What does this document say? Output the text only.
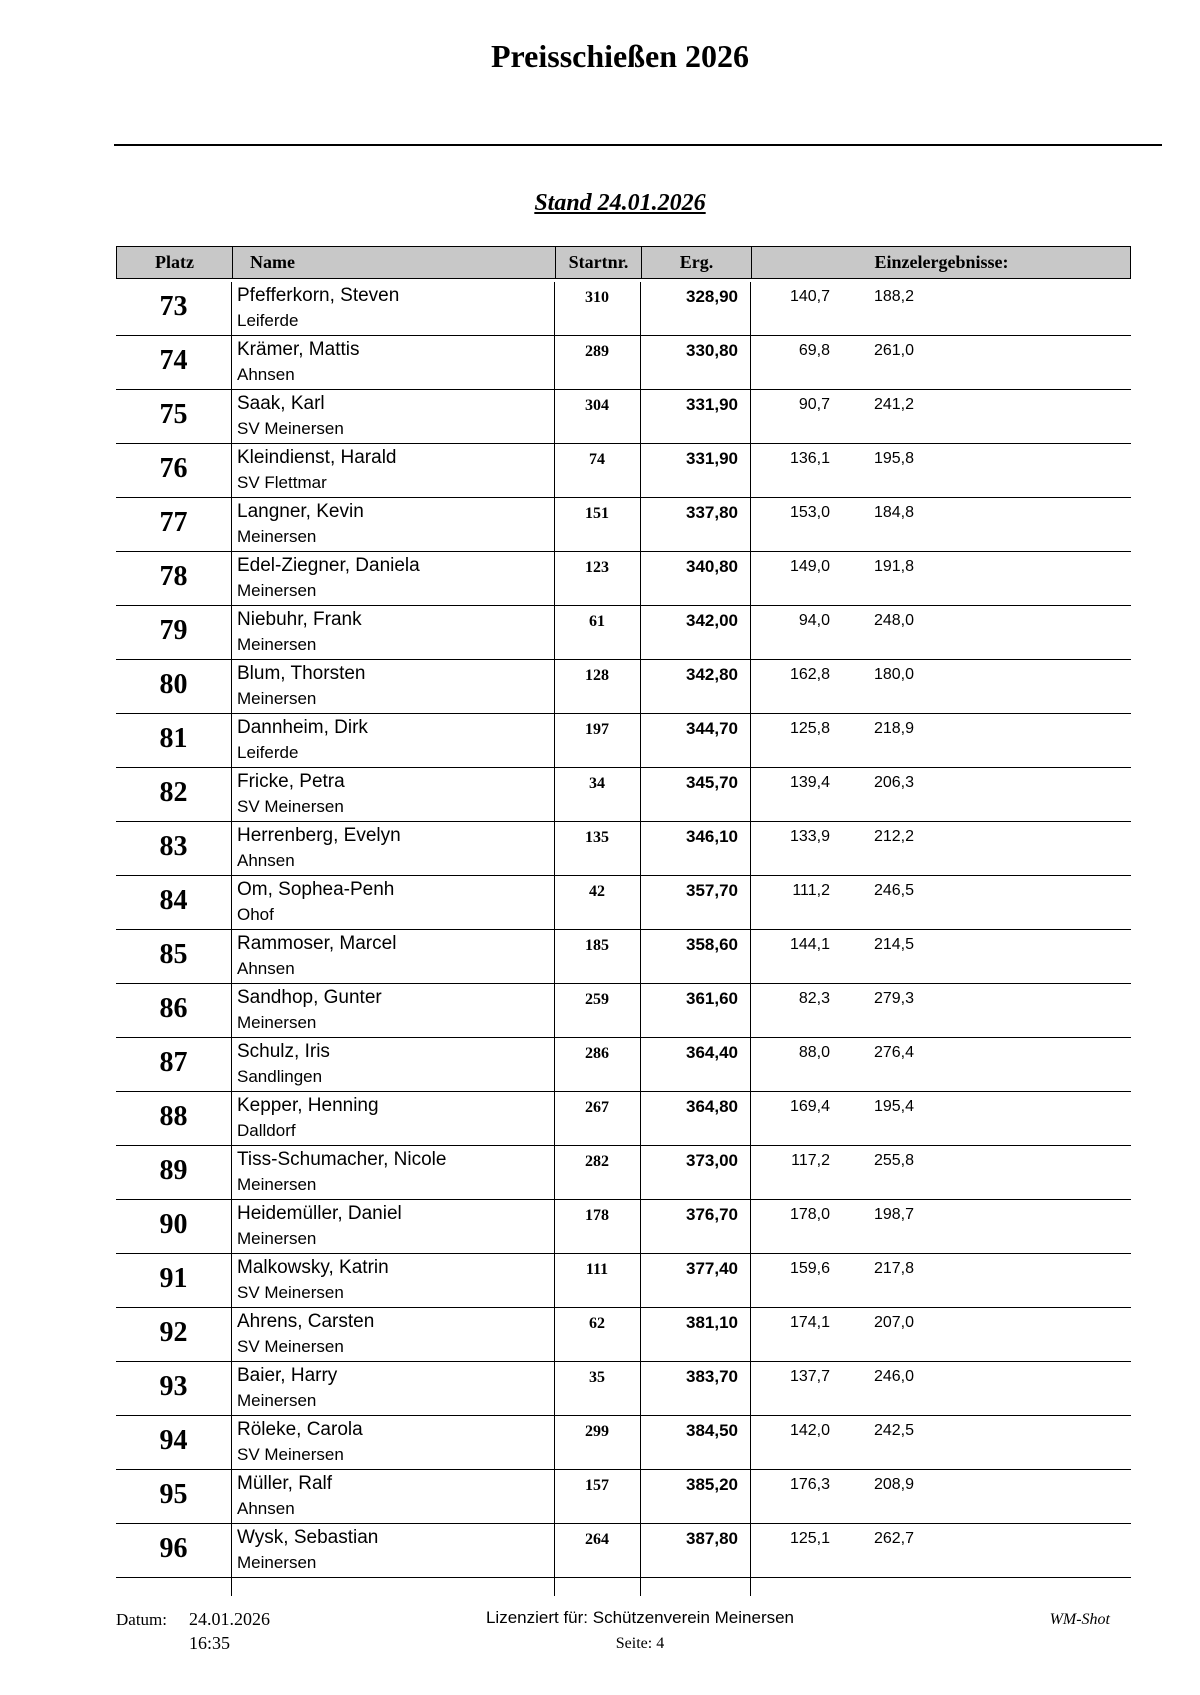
Preisschießen 2026
Stand 24.01.2026
Platz	Name	Startnr.	Erg.	Einzelergebnisse:
73	Pfefferkorn, Steven
Leiferde
310	328,90	140,7	188,2
74	Krämer, Mattis
Ahnsen
289	330,80	69,8	261,0
75	Saak, Karl
SV Meinersen
304	331,90	90,7	241,2
76	Kleindienst, Harald
SV Flettmar
74	331,90	136,1	195,8
77	Langner, Kevin
Meinersen
151	337,80	153,0	184,8
78	Edel-Ziegner, Daniela
Meinersen
123	340,80	149,0	191,8
79	Niebuhr, Frank
Meinersen
61	342,00	94,0	248,0
80	Blum, Thorsten
Meinersen
128	342,80	162,8	180,0
81	Dannheim, Dirk
Leiferde
197	344,70	125,8	218,9
82	Fricke, Petra
SV Meinersen
34	345,70	139,4	206,3
83	Herrenberg, Evelyn
Ahnsen
135	346,10	133,9	212,2
84	Om, Sophea-Penh
Ohof
42	357,70	111,2	246,5
85	Rammoser, Marcel
Ahnsen
185	358,60	144,1	214,5
86	Sandhop, Gunter
Meinersen
259	361,60	82,3	279,3
87	Schulz, Iris
Sandlingen
286	364,40	88,0	276,4
88	Kepper, Henning
Dalldorf
267	364,80	169,4	195,4
89	Tiss-Schumacher, Nicole
Meinersen
282	373,00	117,2	255,8
90	Heidemüller, Daniel
Meinersen
178	376,70	178,0	198,7
91	Malkowsky, Katrin
SV Meinersen
111	377,40	159,6	217,8
92	Ahrens, Carsten
SV Meinersen
62	381,10	174,1	207,0
93	Baier, Harry
Meinersen
35	383,70	137,7	246,0
94	Röleke, Carola
SV Meinersen
299	384,50	142,0	242,5
95	Müller, Ralf
Ahnsen
157	385,20	176,3	208,9
96	Wysk, Sebastian
Meinersen
264	387,80	125,1	262,7
Datum: 24.01.2026
16:35
Lizenziert für: Schützenverein Meinersen
Seite: 4
WM-Shot
